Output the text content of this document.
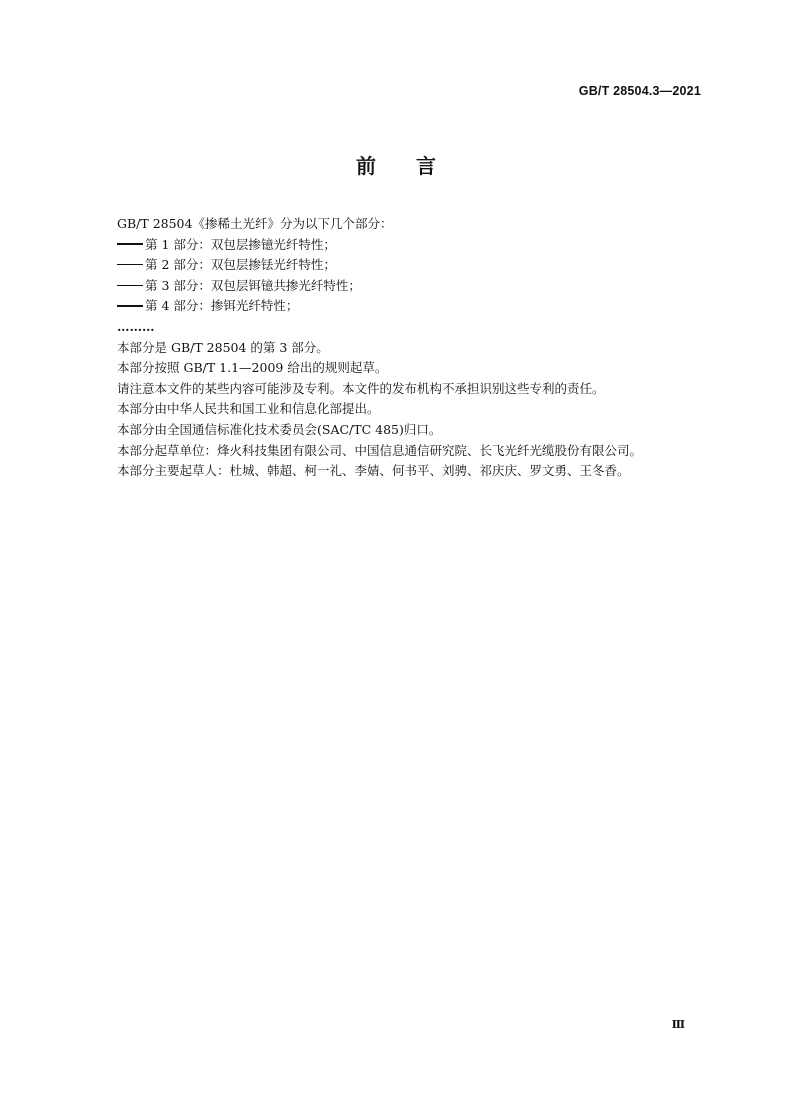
GB/T 28504.3—2021
前言
GB/T 28504《掺稀土光纤》分为以下几个部分：
第 1 部分：双包层掺镱光纤特性；
第 2 部分：双包层掺铥光纤特性；
第 3 部分：双包层铒镱共掺光纤特性；
第 4 部分：掺铒光纤特性；
………
本部分是 GB/T 28504 的第 3 部分。
本部分按照 GB/T 1.1—2009 给出的规则起草。
请注意本文件的某些内容可能涉及专利。本文件的发布机构不承担识别这些专利的责任。
本部分由中华人民共和国工业和信息化部提出。
本部分由全国通信标准化技术委员会(SAC/TC 485)归口。
本部分起草单位：烽火科技集团有限公司、中国信息通信研究院、长飞光纤光缆股份有限公司。
本部分主要起草人：杜城、韩超、柯一礼、李婧、何书平、刘骋、祁庆庆、罗文勇、王冬香。
Ⅲ
